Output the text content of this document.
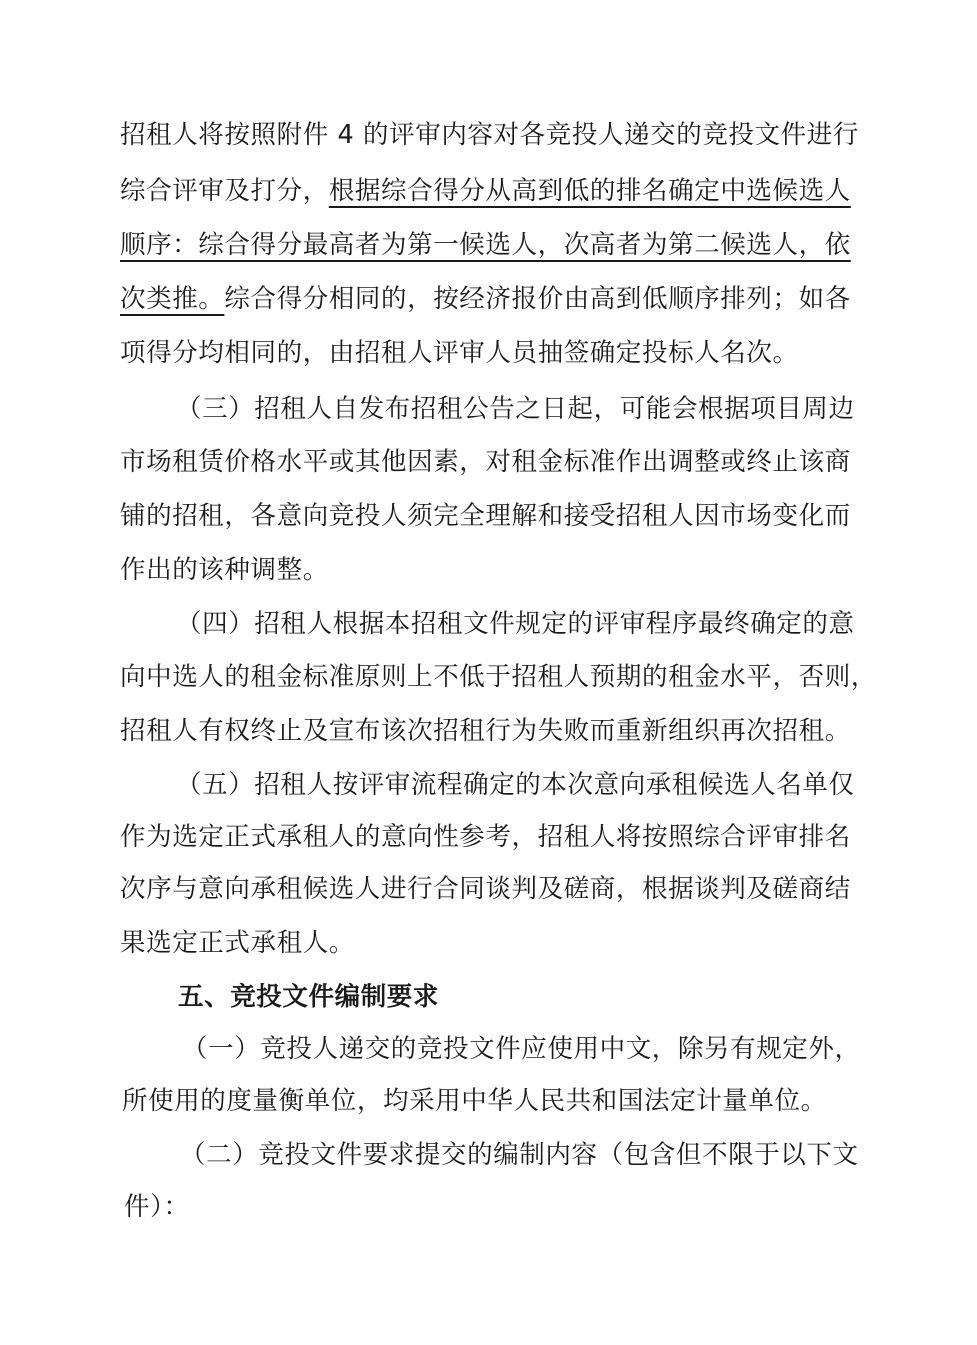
招租人将按照附件 4 的评审内容对各竞投人递交的竞投文件进行
综合评审及打分，根据综合得分从高到低的排名确定中选候选人
顺序：综合得分最高者为第一候选人，次高者为第二候选人，依
次类推。综合得分相同的，按经济报价由高到低顺序排列；如各
项得分均相同的，由招租人评审人员抽签确定投标人名次。
（三）招租人自发布招租公告之日起，可能会根据项目周边
市场租赁价格水平或其他因素，对租金标准作出调整或终止该商
铺的招租，各意向竞投人须完全理解和接受招租人因市场变化而
作出的该种调整。
（四）招租人根据本招租文件规定的评审程序最终确定的意
向中选人的租金标准原则上不低于招租人预期的租金水平，否则，
招租人有权终止及宣布该次招租行为失败而重新组织再次招租。
（五）招租人按评审流程确定的本次意向承租候选人名单仅
作为选定正式承租人的意向性参考，招租人将按照综合评审排名
次序与意向承租候选人进行合同谈判及磋商，根据谈判及磋商结
果选定正式承租人。
五、竞投文件编制要求
（一）竞投人递交的竞投文件应使用中文，除另有规定外，
所使用的度量衡单位，均采用中华人民共和国法定计量单位。
（二）竞投文件要求提交的编制内容（包含但不限于以下文
件）：
